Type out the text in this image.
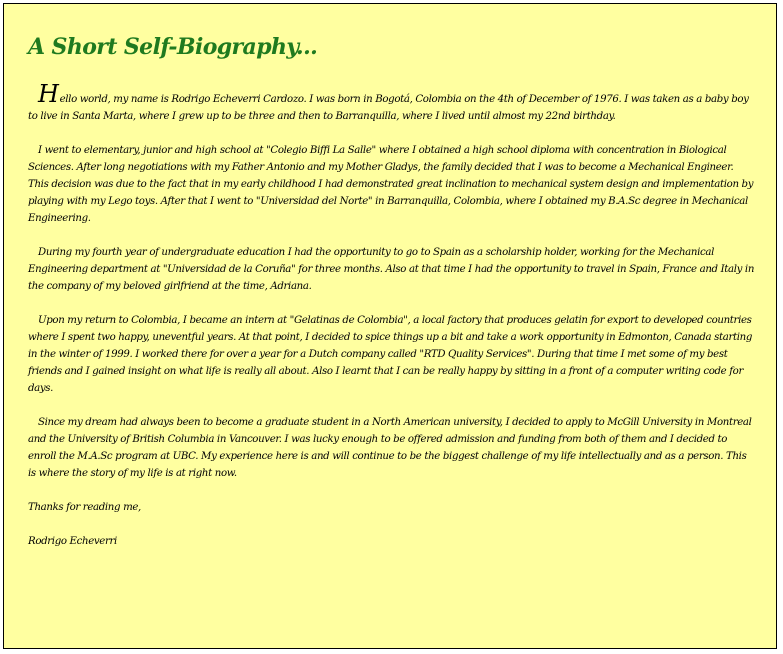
A Short Self-Biography...

Hello world, my name is Rodrigo Echeverri Cardozo. I was born in Bogotá, Colombia on the 4th of December of 1976. I was taken as a baby boy to live in Santa Marta, where I grew up to be three and then to Barranquilla, where I lived until almost my 22nd birthday.

I went to elementary, junior and high school at "Colegio Biffi La Salle" where I obtained a high school diploma with concentration in Biological Sciences. After long negotiations with my Father Antonio and my Mother Gladys, the family decided that I was to become a Mechanical Engineer. This decision was due to the fact that in my early childhood I had demonstrated great inclination to mechanical system design and implementation by playing with my Lego toys. After that I went to "Universidad del Norte" in Barranquilla, Colombia, where I obtained my B.A.Sc degree in Mechanical Engineering.

During my fourth year of undergraduate education I had the opportunity to go to Spain as a scholarship holder, working for the Mechanical Engineering department at "Universidad de la Coruña" for three months. Also at that time I had the opportunity to travel in Spain, France and Italy in the company of my beloved girlfriend at the time, Adriana.

Upon my return to Colombia, I became an intern at "Gelatinas de Colombia", a local factory that produces gelatin for export to developed countries where I spent two happy, uneventful years. At that point, I decided to spice things up a bit and take a work opportunity in Edmonton, Canada starting in the winter of 1999. I worked there for over a year for a Dutch company called "RTD Quality Services". During that time I met some of my best friends and I gained insight on what life is really all about. Also I learnt that I can be really happy by sitting in a front of a computer writing code for days.

Since my dream had always been to become a graduate student in a North American university, I decided to apply to McGill University in Montreal and the University of British Columbia in Vancouver. I was lucky enough to be offered admission and funding from both of them and I decided to enroll the M.A.Sc program at UBC. My experience here is and will continue to be the biggest challenge of my life intellectually and as a person. This is where the story of my life is at right now.

Thanks for reading me,

Rodrigo Echeverri
